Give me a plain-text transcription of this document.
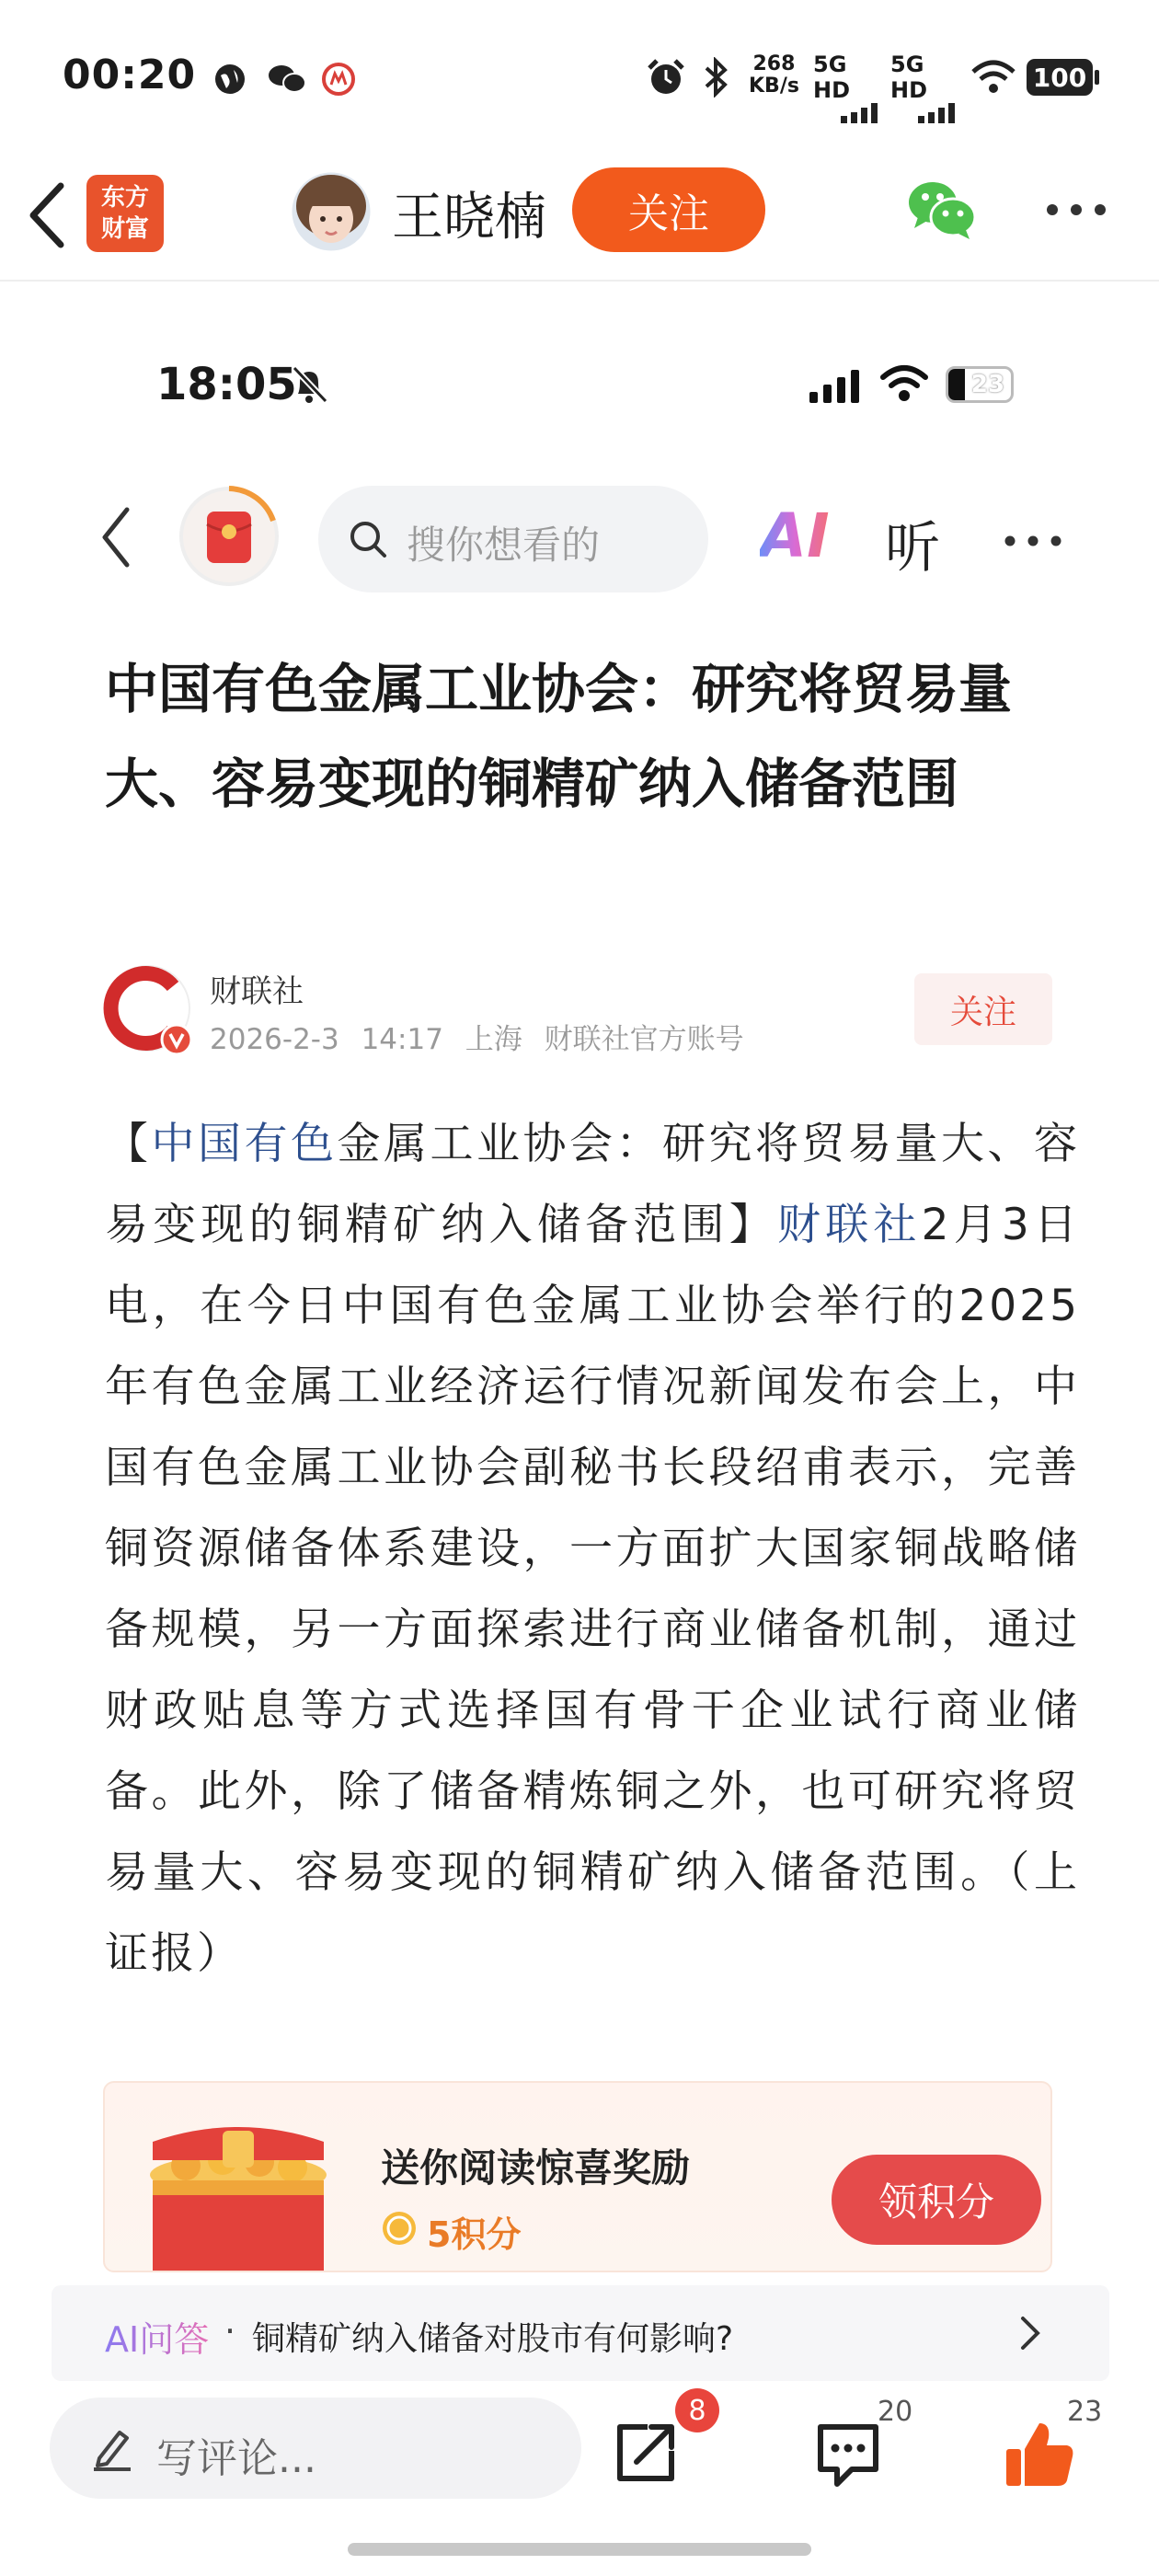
00:20	268
KB/s
5G HD
5G HD	100
东方
财富	王晓楠 关注
18:05	23
搜你想看的	AI 听
中国有色金属工业协会：研究将贸易量大、容易变现的铜精矿纳入储备范围
财联社
2026-2-3 14:17 上海 财联社官方账号
关注
【中国有色金属工业协会：研究将贸易量大、容易变现的铜精矿纳入储备范围】财联社2月3日电，在今日中国有色金属工业协会举行的2025年有色金属工业经济运行情况新闻发布会上，中国有色金属工业协会副秘书长段绍甫表示，完善铜资源储备体系建设，一方面扩大国家铜战略储备规模，另一方面探索进行商业储备机制，通过财政贴息等方式选择国有骨干企业试行商业储备。此外，除了储备精炼铜之外，也可研究将贸易量大、容易变现的铜精矿纳入储备范围。（上证报）
送你阅读惊喜奖励
5积分
领积分
AI问答 · 铜精矿纳入储备对股市有何影响?
写评论...
8	20	23
